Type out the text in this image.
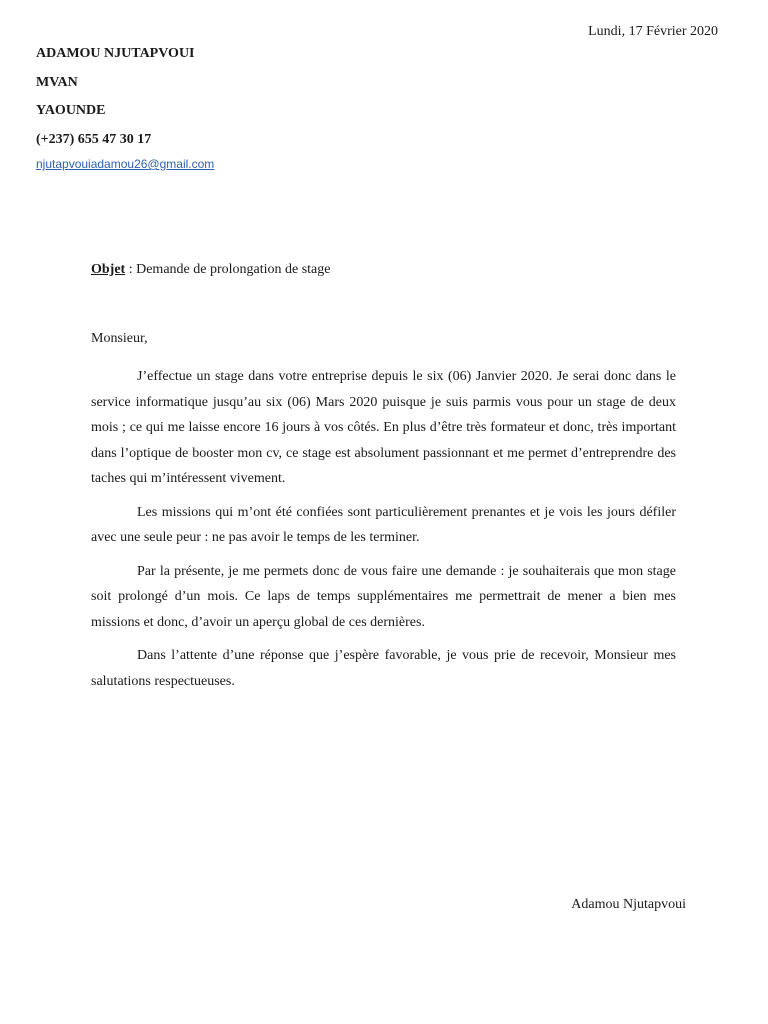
Lundi, 17 Février 2020
ADAMOU NJUTAPVOUI
MVAN
YAOUNDE
(+237) 655 47 30 17
njutapvouiadamou26@gmail.com
Objet : Demande de prolongation de stage
Monsieur,

J’effectue un stage dans votre entreprise depuis le six (06) Janvier 2020. Je serai donc dans le service informatique jusqu’au six (06) Mars 2020 puisque je suis parmis vous pour un stage de deux mois ; ce qui me laisse encore 16 jours à vos côtés. En plus d’être très formateur et donc, très important dans l’optique de booster mon cv, ce stage est absolument passionnant et me permet d’entreprendre des taches qui m’intéressent vivement.

Les missions qui m’ont été confiées sont particulièrement prenantes et je vois les jours défiler avec une seule peur : ne pas avoir le temps de les terminer.

Par la présente, je me permets donc de vous faire une demande : je souhaiterais que mon stage soit prolongé d’un mois. Ce laps de temps supplémentaires me permettrait de mener a bien mes missions et donc, d’avoir un aperçu global de ces dernières.

Dans l’attente d’une réponse que j’espère favorable, je vous prie de recevoir, Monsieur mes salutations respectueuses.

Adamou Njutapvoui
